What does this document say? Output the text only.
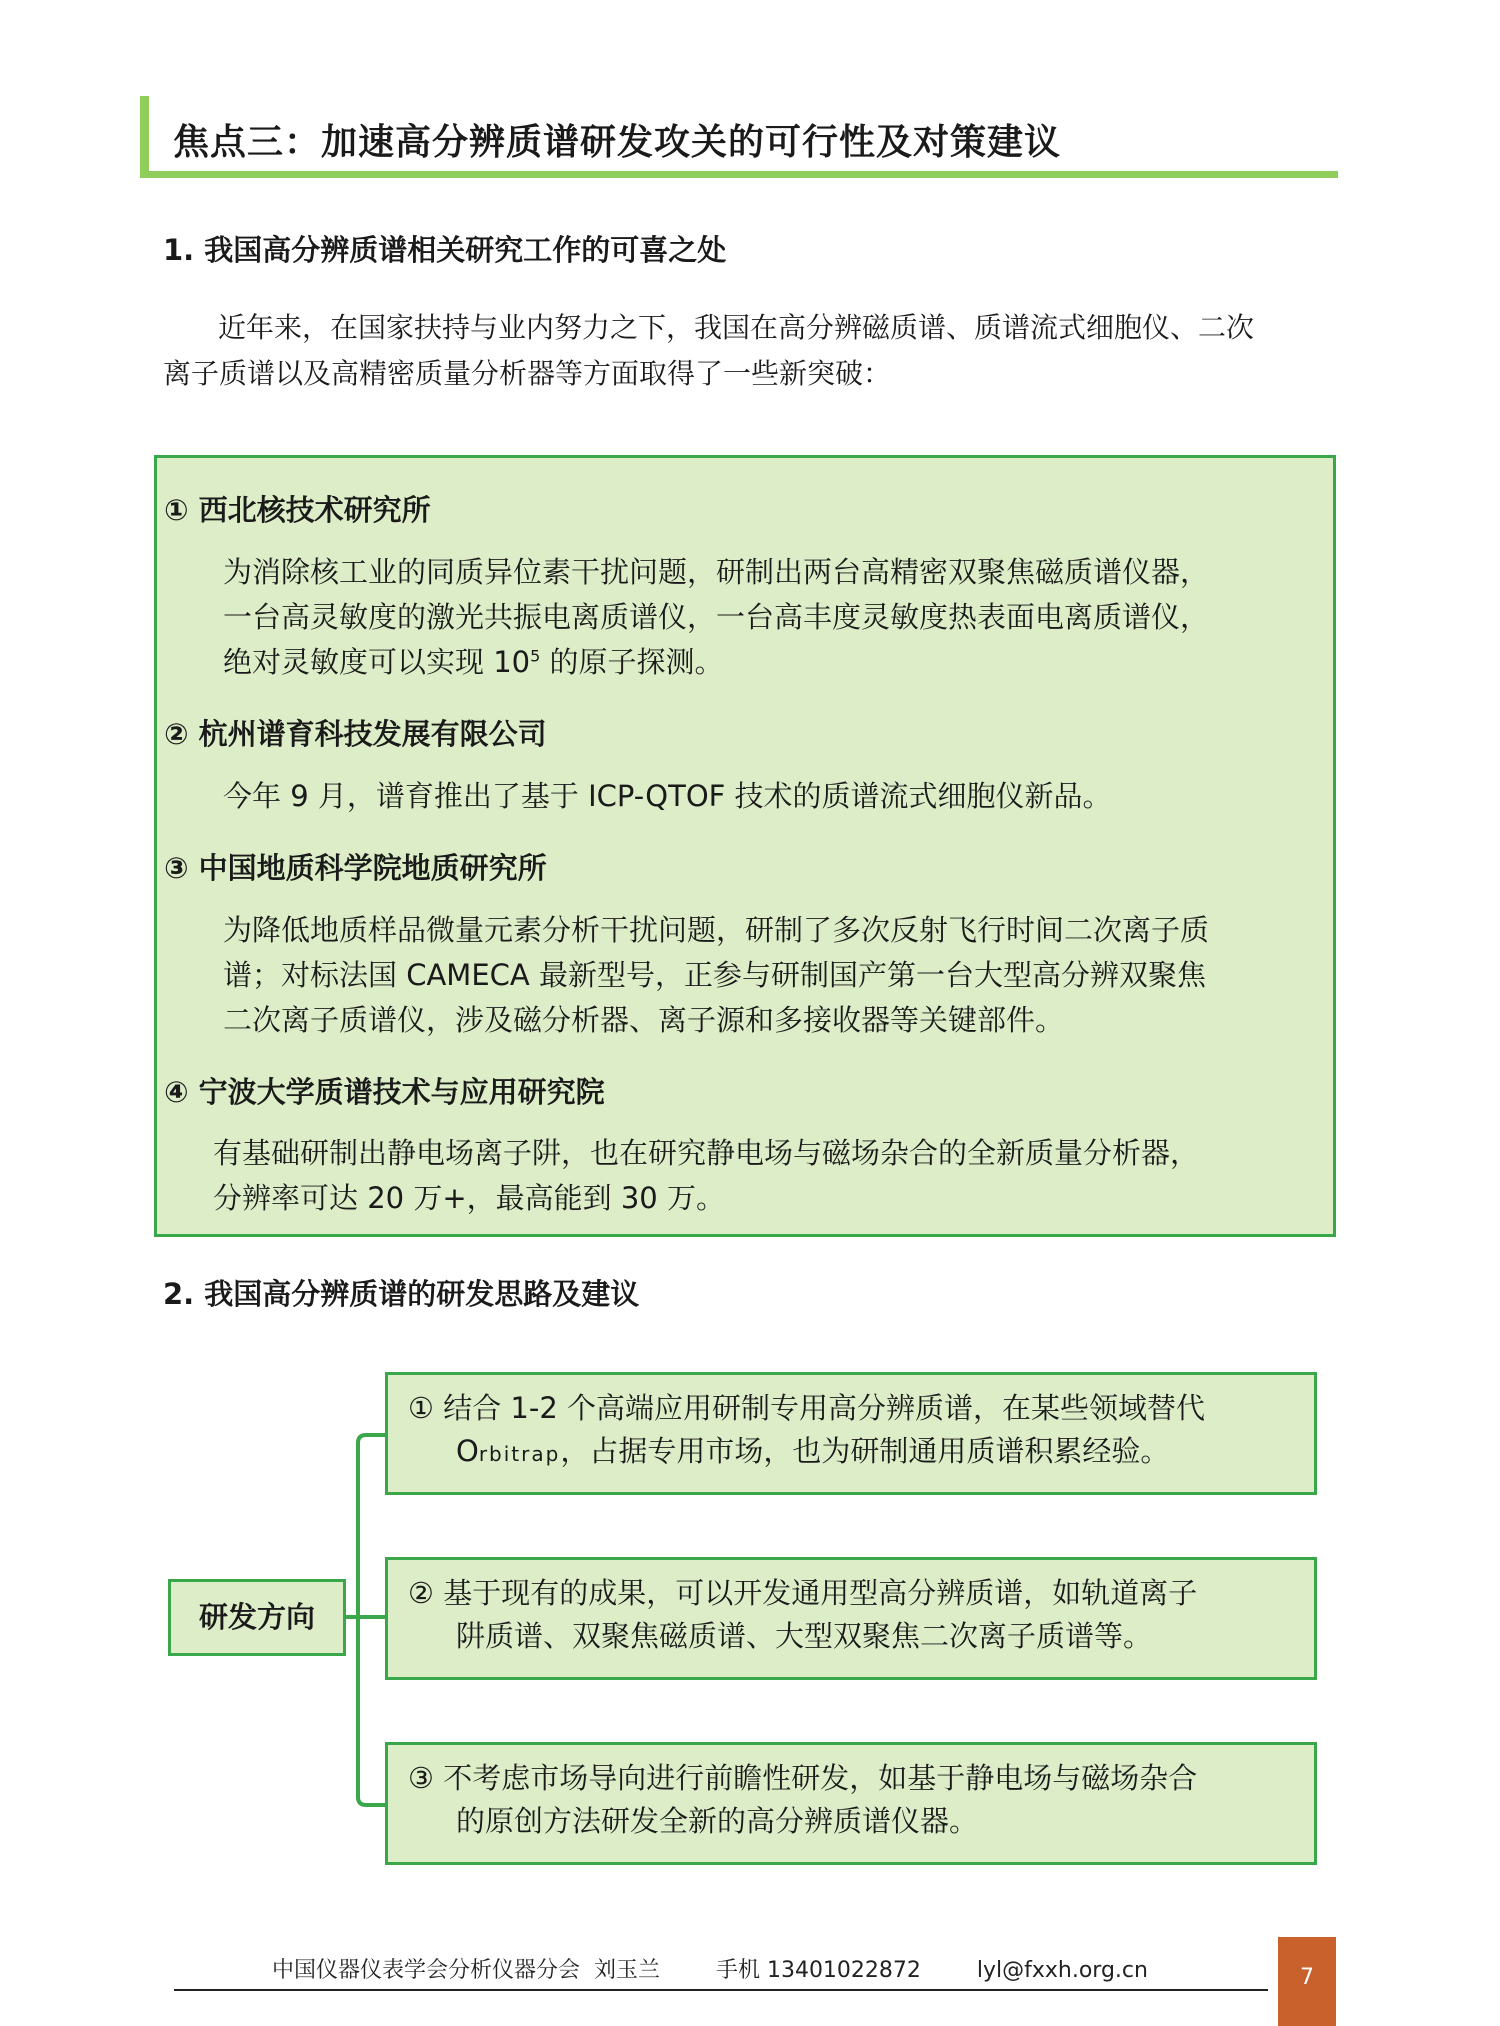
焦点三：加速高分辨质谱研发攻关的可行性及对策建议
1. 我国高分辨质谱相关研究工作的可喜之处
近年来，在国家扶持与业内努力之下，我国在高分辨磁质谱、质谱流式细胞仪、二次
离子质谱以及高精密质量分析器等方面取得了一些新突破：
① 西北核技术研究所
为消除核工业的同质异位素干扰问题，研制出两台高精密双聚焦磁质谱仪器，
一台高灵敏度的激光共振电离质谱仪，一台高丰度灵敏度热表面电离质谱仪，
绝对灵敏度可以实现 $10^5$ 的原子探测。
② 杭州谱育科技发展有限公司
今年 9 月，谱育推出了基于 ICP-QTOF 技术的质谱流式细胞仪新品。
③ 中国地质科学院地质研究所
为降低地质样品微量元素分析干扰问题，研制了多次反射飞行时间二次离子质
谱；对标法国 CAMECA 最新型号，正参与研制国产第一台大型高分辨双聚焦
二次离子质谱仪，涉及磁分析器、离子源和多接收器等关键部件。
④ 宁波大学质谱技术与应用研究院
有基础研制出静电场离子阱，也在研究静电场与磁场杂合的全新质量分析器，
分辨率可达 20 万+，最高能到 30 万。
2. 我国高分辨质谱的研发思路及建议
研发方向
① 结合 1-2 个高端应用研制专用高分辨质谱，在某些领域替代
Orbitrap，占据专用市场，也为研制通用质谱积累经验。
② 基于现有的成果，可以开发通用型高分辨质谱，如轨道离子
阱质谱、双聚焦磁质谱、大型双聚焦二次离子质谱等。
③ 不考虑市场导向进行前瞻性研发，如基于静电场与磁场杂合
的原创方法研发全新的高分辨质谱仪器。
中国仪器仪表学会分析仪器分会  刘玉兰	手机 13401022872	lyl@fxxh.org.cn	7
